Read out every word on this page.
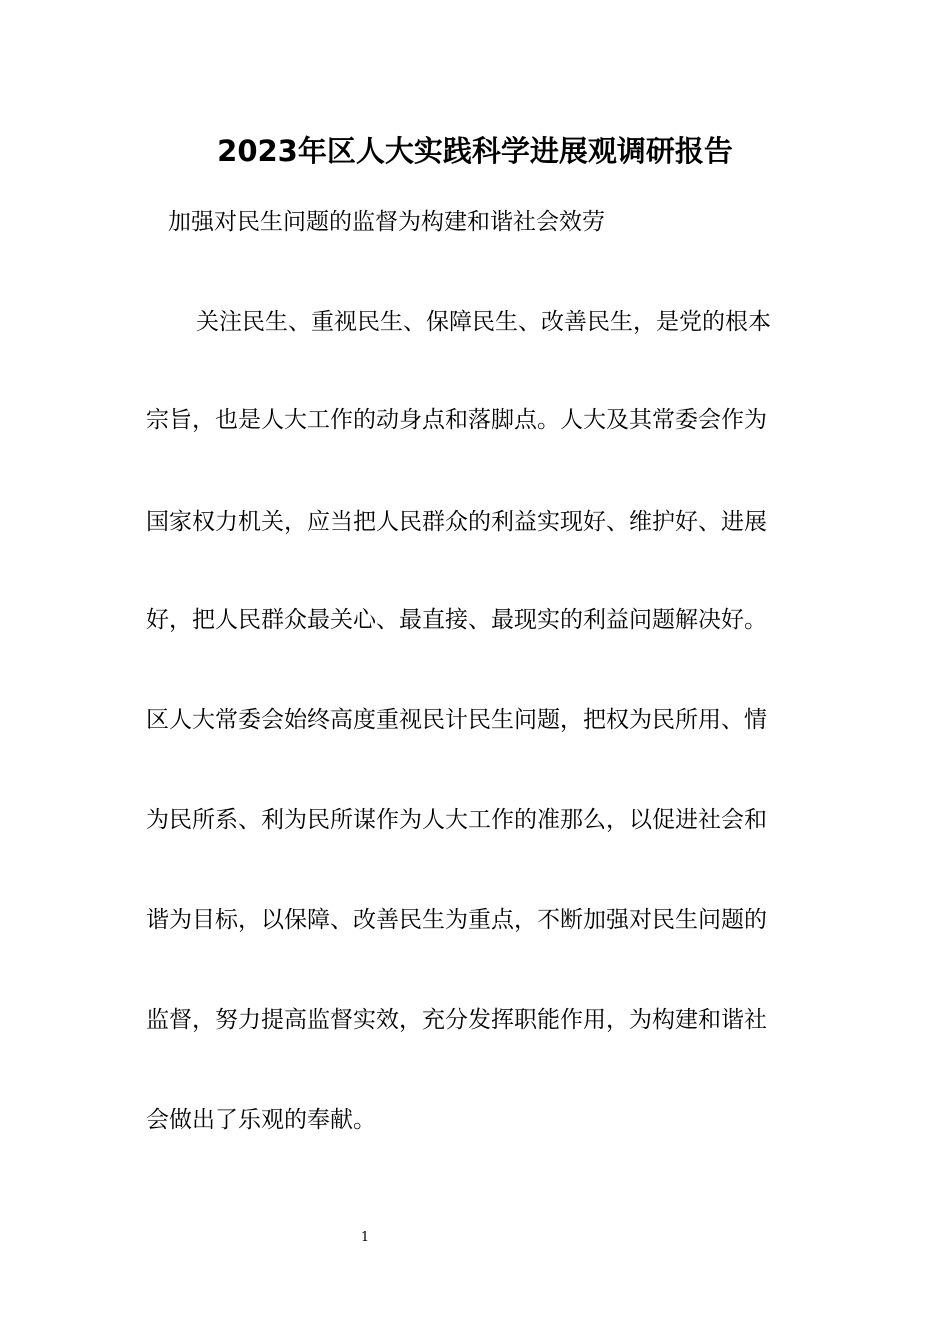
2023年区人大实践科学进展观调研报告

加强对民生问题的监督为构建和谐社会效劳

关注民生、重视民生、保障民生、改善民生，是党的根本

宗旨，也是人大工作的动身点和落脚点。人大及其常委会作为

国家权力机关，应当把人民群众的利益实现好、维护好、进展

好，把人民群众最关心、最直接、最现实的利益问题解决好。

区人大常委会始终高度重视民计民生问题，把权为民所用、情

为民所系、利为民所谋作为人大工作的准那么，以促进社会和

谐为目标，以保障、改善民生为重点，不断加强对民生问题的

监督，努力提高监督实效，充分发挥职能作用，为构建和谐社

会做出了乐观的奉献。

1
